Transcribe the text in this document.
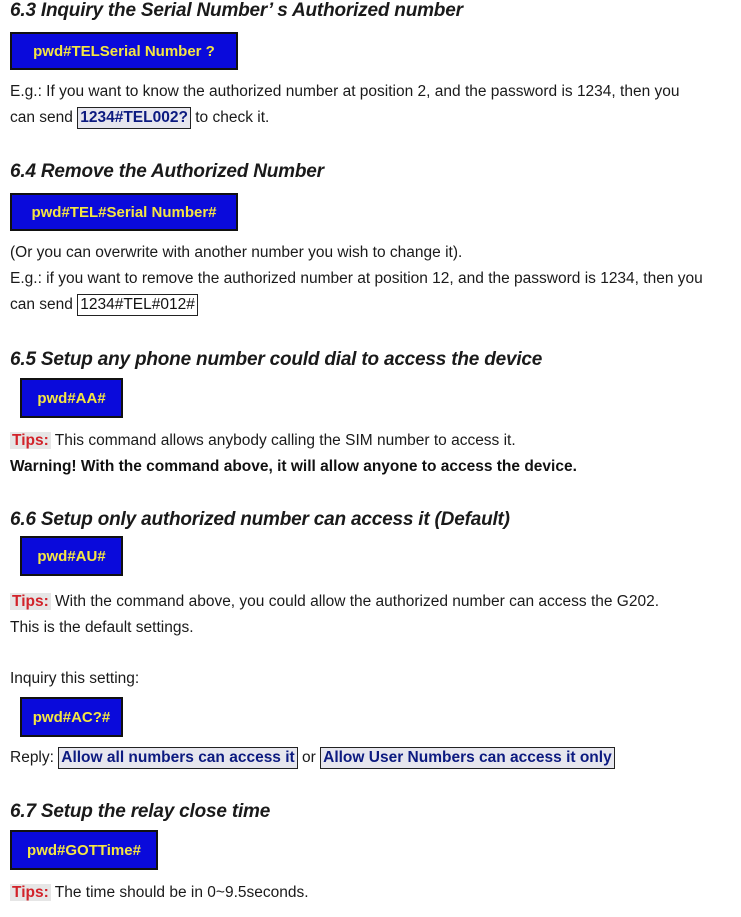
6.3 Inquiry the Serial Number’ s Authorized number
pwd#TELSerial Number ?
E.g.: If you want to know the authorized number at position 2, and the password is 1234, then you
can send 1234#TEL002? to check it.
6.4 Remove the Authorized Number
pwd#TEL#Serial Number#
(Or you can overwrite with another number you wish to change it).
E.g.: if you want to remove the authorized number at position 12, and the password is 1234, then you
can send 1234#TEL#012#
6.5 Setup any phone number could dial to access the device
pwd#AA#
Tips: This command allows anybody calling the SIM number to access it.
Warning! With the command above, it will allow anyone to access the device.
6.6 Setup only authorized number can access it (Default)
pwd#AU#
Tips: With the command above, you could allow the authorized number can access the G202.
This is the default settings.
Inquiry this setting:
pwd#AC?#
Reply: Allow all numbers can access it or Allow User Numbers can access it only
6.7 Setup the relay close time
pwd#GOTTime#
Tips: The time should be in 0~9.5seconds.
